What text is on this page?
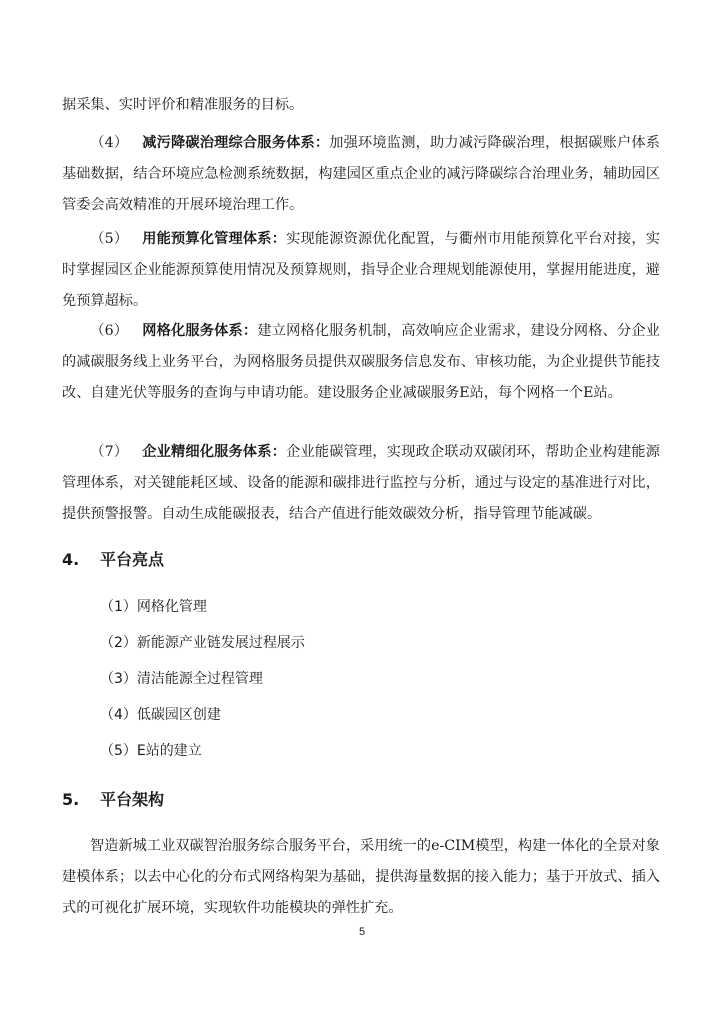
据采集、实时评价和精准服务的目标。

（4） 减污降碳治理综合服务体系：加强环境监测，助力减污降碳治理，根据碳账户体系基础数据，结合环境应急检测系统数据，构建园区重点企业的减污降碳综合治理业务，辅助园区管委会高效精准的开展环境治理工作。

（5） 用能预算化管理体系：实现能源资源优化配置，与衢州市用能预算化平台对接，实时掌握园区企业能源预算使用情况及预算规则，指导企业合理规划能源使用，掌握用能进度，避免预算超标。

（6） 网格化服务体系：建立网格化服务机制，高效响应企业需求，建设分网格、分企业的减碳服务线上业务平台，为网格服务员提供双碳服务信息发布、审核功能，为企业提供节能技改、自建光伏等服务的查询与申请功能。建设服务企业减碳服务E站，每个网格一个E站。

（7） 企业精细化服务体系：企业能碳管理，实现政企联动双碳闭环，帮助企业构建能源管理体系，对关键能耗区域、设备的能源和碳排进行监控与分析，通过与设定的基准进行对比，提供预警报警。自动生成能碳报表，结合产值进行能效碳效分析，指导管理节能减碳。

4. 平台亮点

（1）网格化管理

（2）新能源产业链发展过程展示

（3）清洁能源全过程管理

（4）低碳园区创建

（5）E站的建立

5. 平台架构

智造新城工业双碳智治服务综合服务平台，采用统一的e-CIM模型，构建一体化的全景对象建模体系；以去中心化的分布式网络构架为基础，提供海量数据的接入能力；基于开放式、插入式的可视化扩展环境，实现软件功能模块的弹性扩充。

5
